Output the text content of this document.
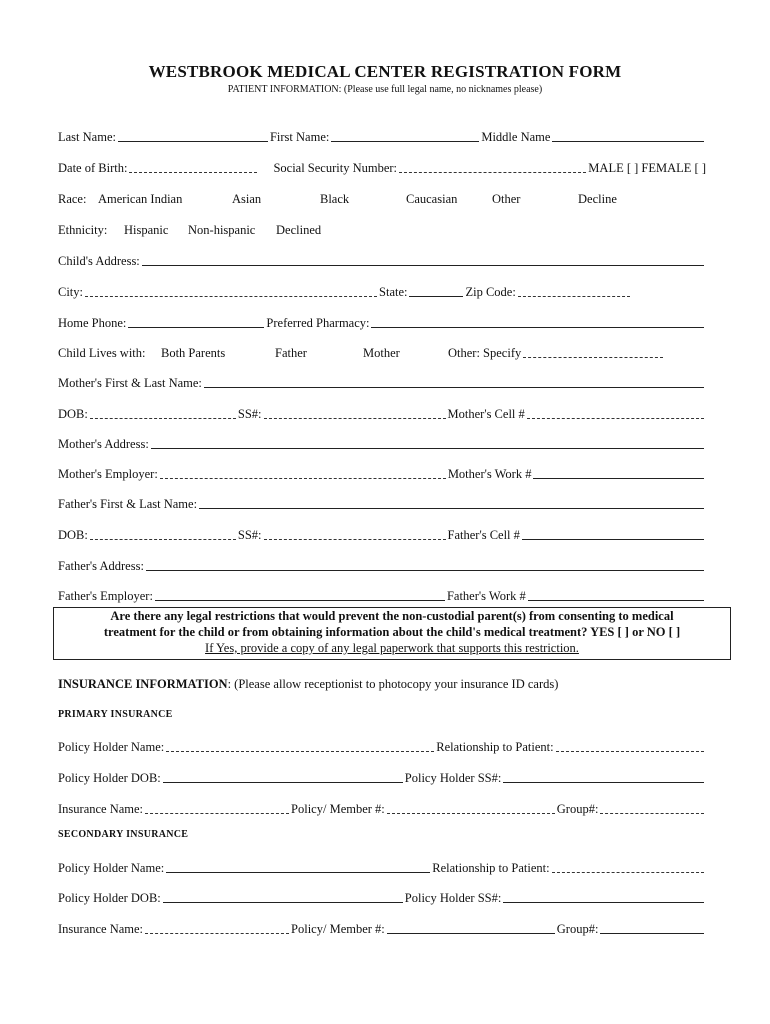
WESTBROOK MEDICAL CENTER REGISTRATION FORM
PATIENT INFORMATION: (Please use full legal name, no nicknames please)
Last Name:	First Name:	Middle Name
Date of Birth:	Social Security Number:	MALE [ ] FEMALE [ ]
Race: American Indian	Asian	Black	Caucasian	Other	Decline
Ethnicity:	Hispanic	Non-hispanic	Declined
Child's Address:
City:	State:	Zip Code:
Home Phone:	Preferred Pharmacy:
Child Lives with:	Both Parents	Father	Mother	Other: Specify
Mother's First & Last Name:
DOB:	SS#:	Mother's Cell #
Mother's Address:
Mother's Employer:	Mother's Work #
Father's First & Last Name:
DOB:	SS#:	Father's Cell #
Father's Address:
Father's Employer:	Father's Work #
Are there any legal restrictions that would prevent the non-custodial parent(s) from consenting to medical
treatment for the child or from obtaining information about the child's medical treatment? YES [ ] or NO [ ]
If Yes, provide a copy of any legal paperwork that supports this restriction.
INSURANCE INFORMATION: (Please allow receptionist to photocopy your insurance ID cards)
PRIMARY INSURANCE
Policy Holder Name:	Relationship to Patient:
Policy Holder DOB:	Policy Holder SS#:
Insurance Name:	Policy/ Member #:	Group#:
SECONDARY INSURANCE
Policy Holder Name:	Relationship to Patient:
Policy Holder DOB:	Policy Holder SS#:
Insurance Name:	Policy/ Member #:	Group#:
